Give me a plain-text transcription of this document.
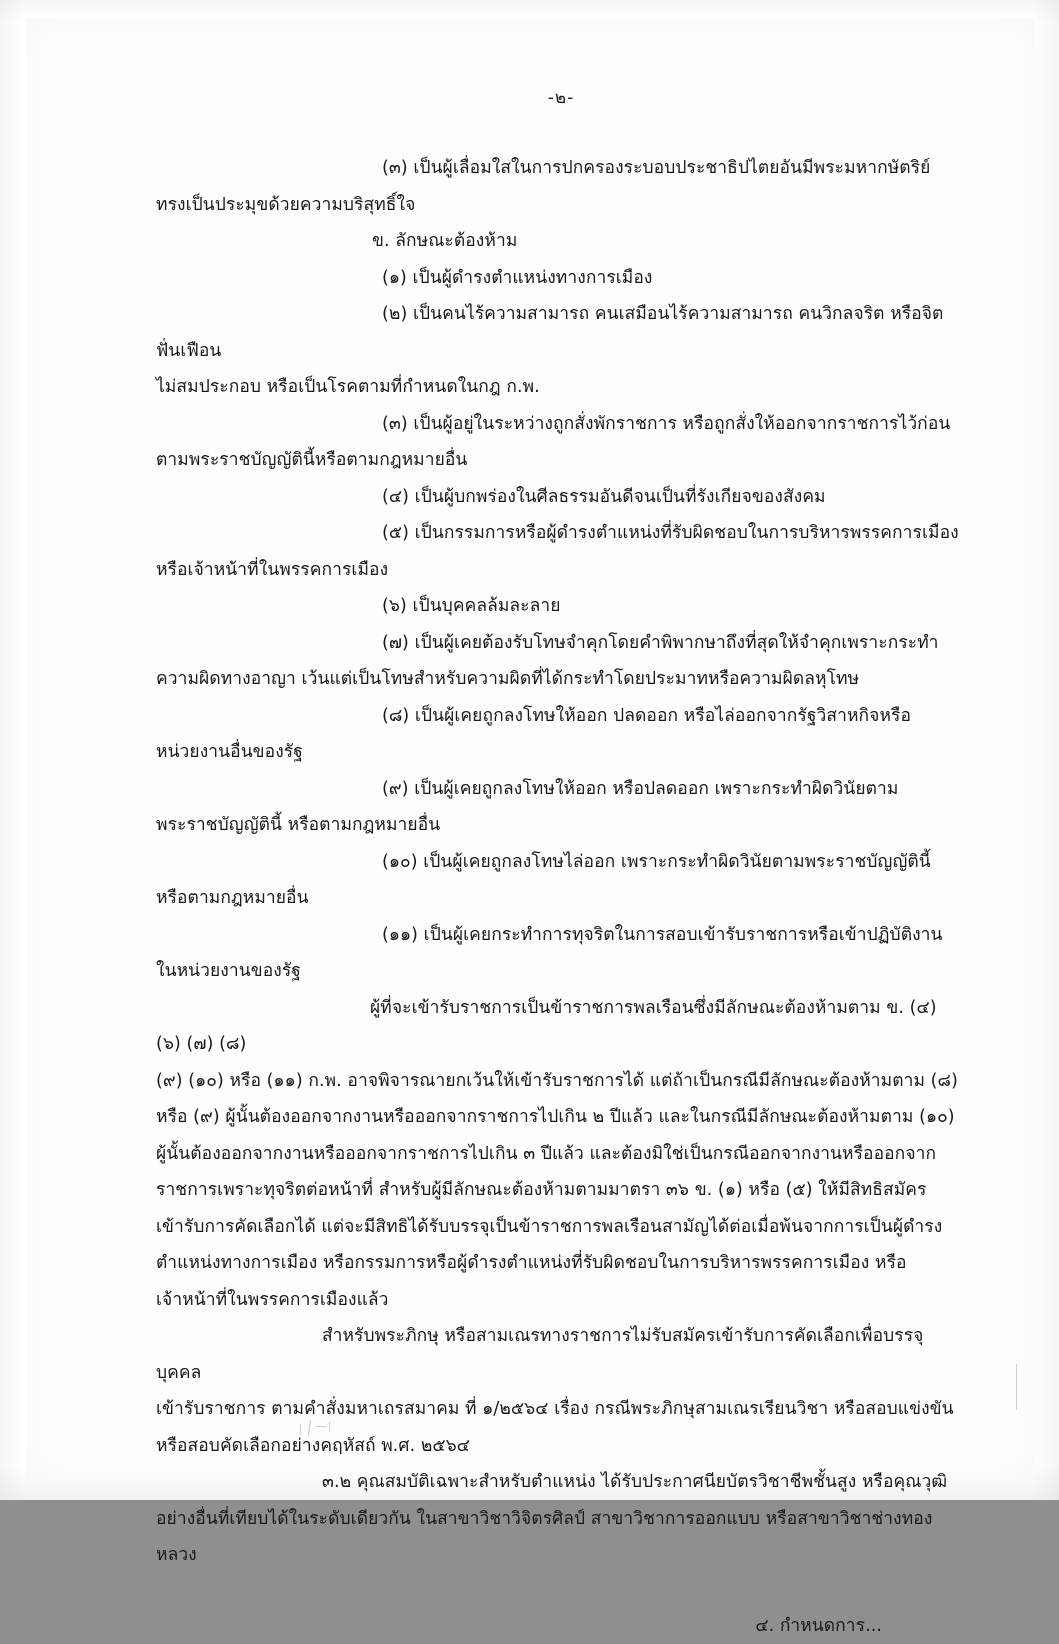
-๒-

(๓) เป็นผู้เลื่อมใสในการปกครองระบอบประชาธิปไตยอันมีพระมหากษัตริย์

ทรงเป็นประมุขด้วยความบริสุทธิ์ใจ

ข. ลักษณะต้องห้าม

(๑) เป็นผู้ดำรงตำแหน่งทางการเมือง

(๒) เป็นคนไร้ความสามารถ คนเสมือนไร้ความสามารถ คนวิกลจริต หรือจิตฟั่นเฟือน

ไม่สมประกอบ หรือเป็นโรคตามที่กำหนดในกฎ ก.พ.

(๓) เป็นผู้อยู่ในระหว่างถูกสั่งพักราชการ หรือถูกสั่งให้ออกจากราชการไว้ก่อน

ตามพระราชบัญญัตินี้หรือตามกฎหมายอื่น

(๔) เป็นผู้บกพร่องในศีลธรรมอันดีจนเป็นที่รังเกียจของสังคม

(๕) เป็นกรรมการหรือผู้ดำรงตำแหน่งที่รับผิดชอบในการบริหารพรรคการเมือง

หรือเจ้าหน้าที่ในพรรคการเมือง

(๖) เป็นบุคคลล้มละลาย

(๗) เป็นผู้เคยต้องรับโทษจำคุกโดยคำพิพากษาถึงที่สุดให้จำคุกเพราะกระทำ

ความผิดทางอาญา เว้นแต่เป็นโทษสำหรับความผิดที่ได้กระทำโดยประมาทหรือความผิดลหุโทษ

(๘) เป็นผู้เคยถูกลงโทษให้ออก ปลดออก หรือไล่ออกจากรัฐวิสาหกิจหรือ

หน่วยงานอื่นของรัฐ

(๙) เป็นผู้เคยถูกลงโทษให้ออก หรือปลดออก เพราะกระทำผิดวินัยตาม

พระราชบัญญัตินี้ หรือตามกฎหมายอื่น

(๑๐) เป็นผู้เคยถูกลงโทษไล่ออก เพราะกระทำผิดวินัยตามพระราชบัญญัตินี้

หรือตามกฎหมายอื่น

(๑๑) เป็นผู้เคยกระทำการทุจริตในการสอบเข้ารับราชการหรือเข้าปฏิบัติงาน

ในหน่วยงานของรัฐ

ผู้ที่จะเข้ารับราชการเป็นข้าราชการพลเรือนซึ่งมีลักษณะต้องห้ามตาม ข. (๔) (๖) (๗) (๘)

(๙) (๑๐) หรือ (๑๑) ก.พ. อาจพิจารณายกเว้นให้เข้ารับราชการได้ แต่ถ้าเป็นกรณีมีลักษณะต้องห้ามตาม (๘)

หรือ (๙) ผู้นั้นต้องออกจากงานหรือออกจากราชการไปเกิน ๒ ปีแล้ว และในกรณีมีลักษณะต้องห้ามตาม (๑๐)

ผู้นั้นต้องออกจากงานหรือออกจากราชการไปเกิน ๓ ปีแล้ว และต้องมิใช่เป็นกรณีออกจากงานหรือออกจาก

ราชการเพราะทุจริตต่อหน้าที่ สำหรับผู้มีลักษณะต้องห้ามตามมาตรา ๓๖ ข. (๑) หรือ (๕) ให้มีสิทธิสมัคร

เข้ารับการคัดเลือกได้ แต่จะมีสิทธิได้รับบรรจุเป็นข้าราชการพลเรือนสามัญได้ต่อเมื่อพ้นจากการเป็นผู้ดำรง

ตำแหน่งทางการเมือง หรือกรรมการหรือผู้ดำรงตำแหน่งที่รับผิดชอบในการบริหารพรรคการเมือง หรือ

เจ้าหน้าที่ในพรรคการเมืองแล้ว

สำหรับพระภิกษุ หรือสามเณรทางราชการไม่รับสมัครเข้ารับการคัดเลือกเพื่อบรรจุบุคคล

เข้ารับราชการ ตามคำสั่งมหาเถรสมาคม ที่ ๑/๒๕๖๔ เรื่อง กรณีพระภิกษุสามเณรเรียนวิชา หรือสอบแข่งขัน

หรือสอบคัดเลือกอย่างคฤหัสถ์ พ.ศ. ๒๕๖๔

๓.๒ คุณสมบัติเฉพาะสำหรับตำแหน่ง ได้รับประกาศนียบัตรวิชาชีพชั้นสูง หรือคุณวุฒิ

อย่างอื่นที่เทียบได้ในระดับเดียวกัน ในสาขาวิชาวิจิตรศิลป์ สาขาวิชาการออกแบบ หรือสาขาวิชาช่างทองหลวง

๔. กำหนดการ...
